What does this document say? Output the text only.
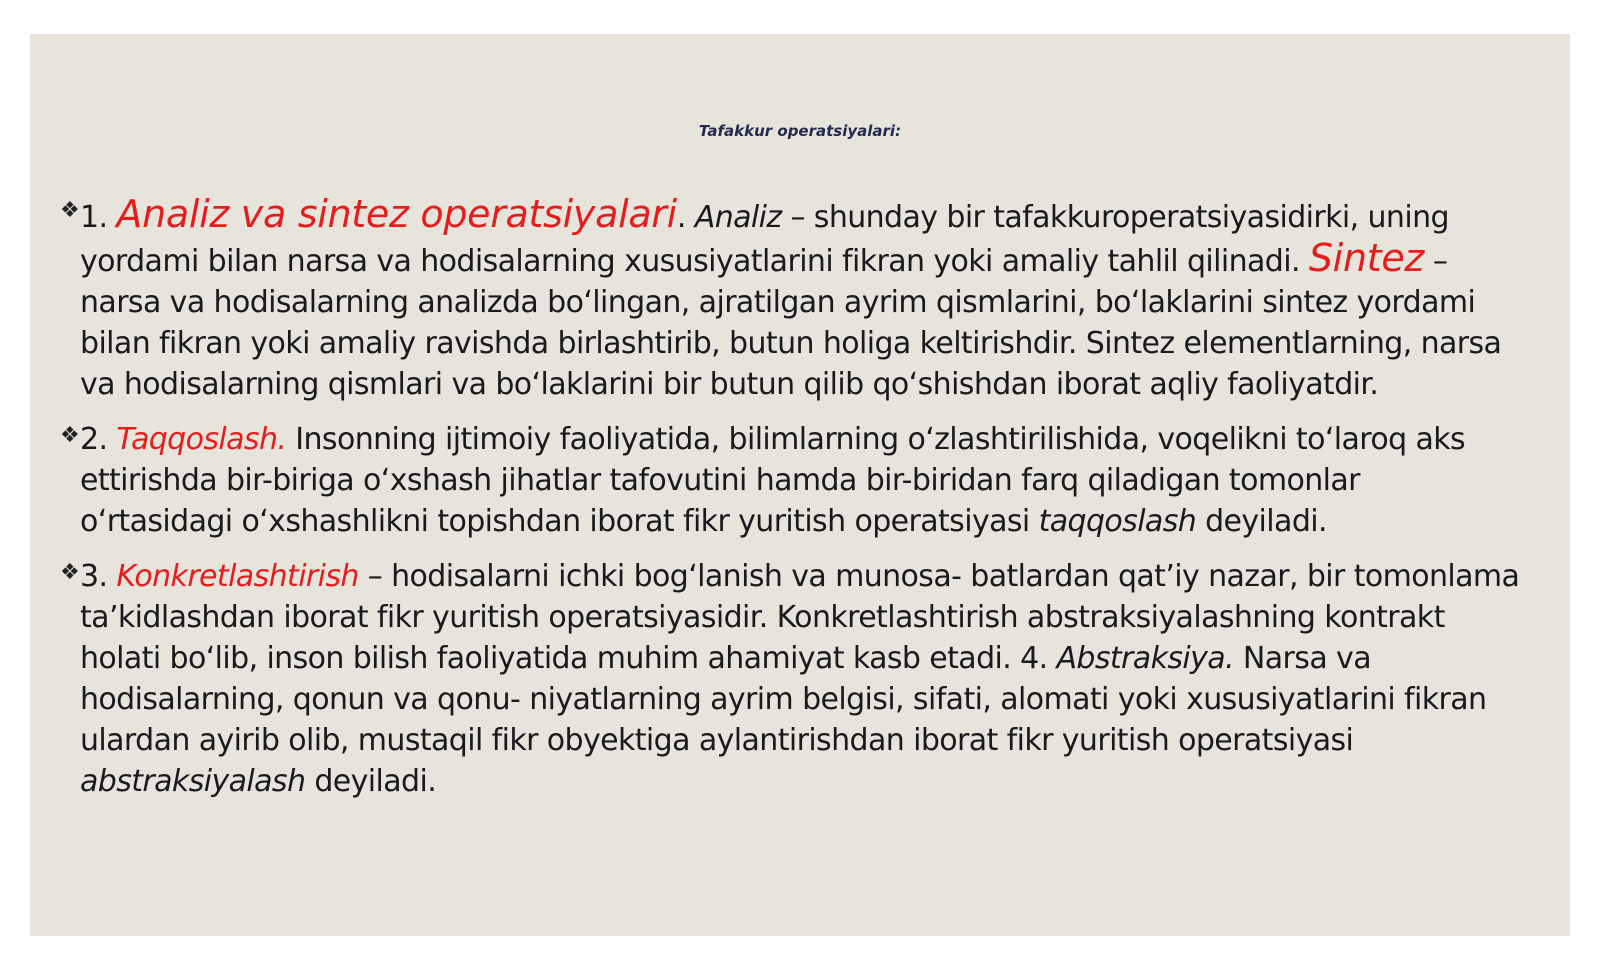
Tafakkur operatsiyalari:
❖ 1. Analiz va sintez operatsiyalari. Analiz – shunday bir tafakkuroperatsiyasidirki, uning yordami bilan narsa va hodisalarning xususiyatlarini fikran yoki amaliy tahlil qilinadi. Sintez – narsa va hodisalarning analizda bo‘lingan, ajratilgan ayrim qismlarini, bo‘laklarini sintez yordami bilan fikran yoki amaliy ravishda birlashtirib, butun holiga keltirishdir. Sintez elementlarning, narsa va hodisalarning qismlari va bo‘laklarini bir butun qilib qo‘shishdan iborat aqliy faoliyatdir.
❖ 2. Taqqoslash. Insonning ijtimoiy faoliyatida, bilimlarning o‘zlashtirilishida, voqelikni to‘laroq aks ettirishda bir-biriga o‘xshash jihatlar tafovutini hamda bir-biridan farq qiladigan tomonlar o‘rtasidagi o‘xshashlikni topishdan iborat fikr yuritish operatsiyasi taqqoslash deyiladi.
❖ 3. Konkretlashtirish – hodisalarni ichki bog‘lanish va munosa- batlardan qat’iy nazar, bir tomonlama ta’kidlashdan iborat fikr yuritish operatsiyasidir. Konkretlashtirish abstraksiyalashning kontrakt holati bo‘lib, inson bilish faoliyatida muhim ahamiyat kasb etadi. 4. Abstraksiya. Narsa va hodisalarning, qonun va qonu- niyatlarning ayrim belgisi, sifati, alomati yoki xususiyatlarini fikran ulardan ayirib olib, mustaqil fikr obyektiga aylantirishdan iborat fikr yuritish operatsiyasi abstraksiyalash deyiladi.
